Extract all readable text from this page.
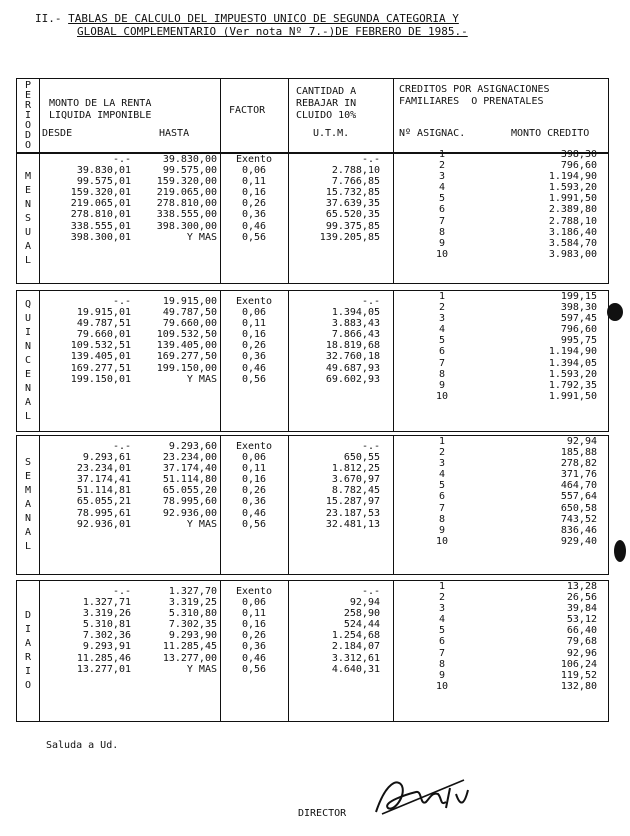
II.- TABLAS DE CALCULO DEL IMPUESTO UNICO DE SEGUNDA CATEGORIA Y
GLOBAL COMPLEMENTARIO (Ver nota Nº 7.-)DE FEBRERO DE 1985.-
P
E
R
I
O
D
O
MONTO DE LA RENTA
LIQUIDA IMPONIBLE
DESDE	HASTA
FACTOR
CANTIDAD A
REBAJAR IN
CLUIDO 10%
U.T.M.
CREDITOS POR ASIGNACIONES
FAMILIARES  O PRENATALES
Nº ASIGNAC.	MONTO CREDITO
M
E
N
S
U
A
L
-.-
39.830,01
99.575,01
159.320,01
219.065,01
278.810,01
338.555,01
398.300,01
39.830,00
99.575,00
159.320,00
219.065,00
278.810,00
338.555,00
398.300,00
Y MAS
Exento
0,06
0,11
0,16
0,26
0,36
0,46
0,56
-.-
2.788,10
7.766,85
15.732,85
37.639,35
65.520,35
99.375,85
139.205,85
1
2
3
4
5
6
7
8
9
10
398,30
796,60
1.194,90
1.593,20
1.991,50
2.389,80
2.788,10
3.186,40
3.584,70
3.983,00
Q
U
I
N
C
E
N
A
L
-.-
19.915,01
49.787,51
79.660,01
109.532,51
139.405,01
169.277,51
199.150,01
19.915,00
49.787,50
79.660,00
109.532,50
139.405,00
169.277,50
199.150,00
Y MAS
Exento
0,06
0,11
0,16
0,26
0,36
0,46
0,56
-.-
1.394,05
3.883,43
7.866,43
18.819,68
32.760,18
49.687,93
69.602,93
1
2
3
4
5
6
7
8
9
10
199,15
398,30
597,45
796,60
995,75
1.194,90
1.394,05
1.593,20
1.792,35
1.991,50
S
E
M
A
N
A
L
-.-
9.293,61
23.234,01
37.174,41
51.114,81
65.055,21
78.995,61
92.936,01
9.293,60
23.234,00
37.174,40
51.114,80
65.055,20
78.995,60
92.936,00
Y MAS
Exento
0,06
0,11
0,16
0,26
0,36
0,46
0,56
-.-
650,55
1.812,25
3.670,97
8.782,45
15.287,97
23.187,53
32.481,13
1
2
3
4
5
6
7
8
9
10
92,94
185,88
278,82
371,76
464,70
557,64
650,58
743,52
836,46
929,40
D
I
A
R
I
O
-.-
1.327,71
3.319,26
5.310,81
7.302,36
9.293,91
11.285,46
13.277,01
1.327,70
3.319,25
5.310,80
7.302,35
9.293,90
11.285,45
13.277,00
Y MAS
Exento
0,06
0,11
0,16
0,26
0,36
0,46
0,56
-.-
92,94
258,90
524,44
1.254,68
2.184,07
3.312,61
4.640,31
1
2
3
4
5
6
7
8
9
10
13,28
26,56
39,84
53,12
66,40
79,68
92,96
106,24
119,52
132,80
Saluda a Ud.
DIRECTOR
